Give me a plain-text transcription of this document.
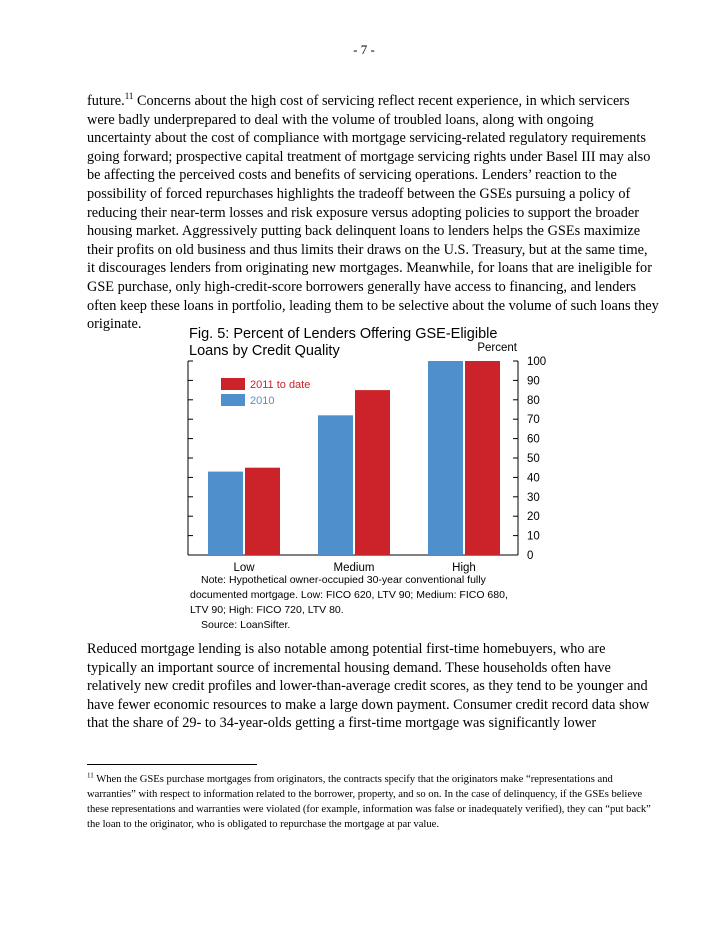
- 7 -

future.$^{11}$ Concerns about the high cost of servicing reflect recent experience, in which servicers were badly underprepared to deal with the volume of troubled loans, along with ongoing uncertainty about the cost of compliance with mortgage servicing-related regulatory requirements going forward; prospective capital treatment of mortgage servicing rights under Basel III may also be affecting the perceived costs and benefits of servicing operations. Lenders’ reaction to the possibility of forced repurchases highlights the tradeoff between the GSEs pursuing a policy of reducing their near-term losses and risk exposure versus adopting policies to support the broader housing market. Aggressively putting back delinquent loans to lenders helps the GSEs maximize their profits on old business and thus limits their draws on the U.S. Treasury, but at the same time, it discourages lenders from originating new mortgages. Meanwhile, for loans that are ineligible for GSE purchase, only high-credit-score borrowers generally have access to financing, and lenders often keep these loans in portfolio, leading them to be selective about the volume of such loans they originate.

Fig. 5: Percent of Lenders Offering GSE-Eligible
Loans by Credit Quality	Percent
0
10
20
30
40
50
60
70
80
90
100
Low	Medium	High
2011 to date
2010
Note: Hypothetical owner-occupied 30-year conventional fully
documented mortgage. Low: FICO 620, LTV 90; Medium: FICO 680,
LTV 90; High: FICO 720, LTV 80.
Source: LoanSifter.

Reduced mortgage lending is also notable among potential first-time homebuyers, who are typically an important source of incremental housing demand. These households often have relatively new credit profiles and lower-than-average credit scores, as they tend to be younger and have fewer economic resources to make a large down payment. Consumer credit record data show that the share of 29- to 34-year-olds getting a first-time mortgage was significantly lower

$^{11}$ When the GSEs purchase mortgages from originators, the contracts specify that the originators make “representations and warranties” with respect to information related to the borrower, property, and so on. In the case of delinquency, if the GSEs believe these representations and warranties were violated (for example, information was false or inadequately verified), they can “put back” the loan to the originator, who is obligated to repurchase the mortgage at par value.
